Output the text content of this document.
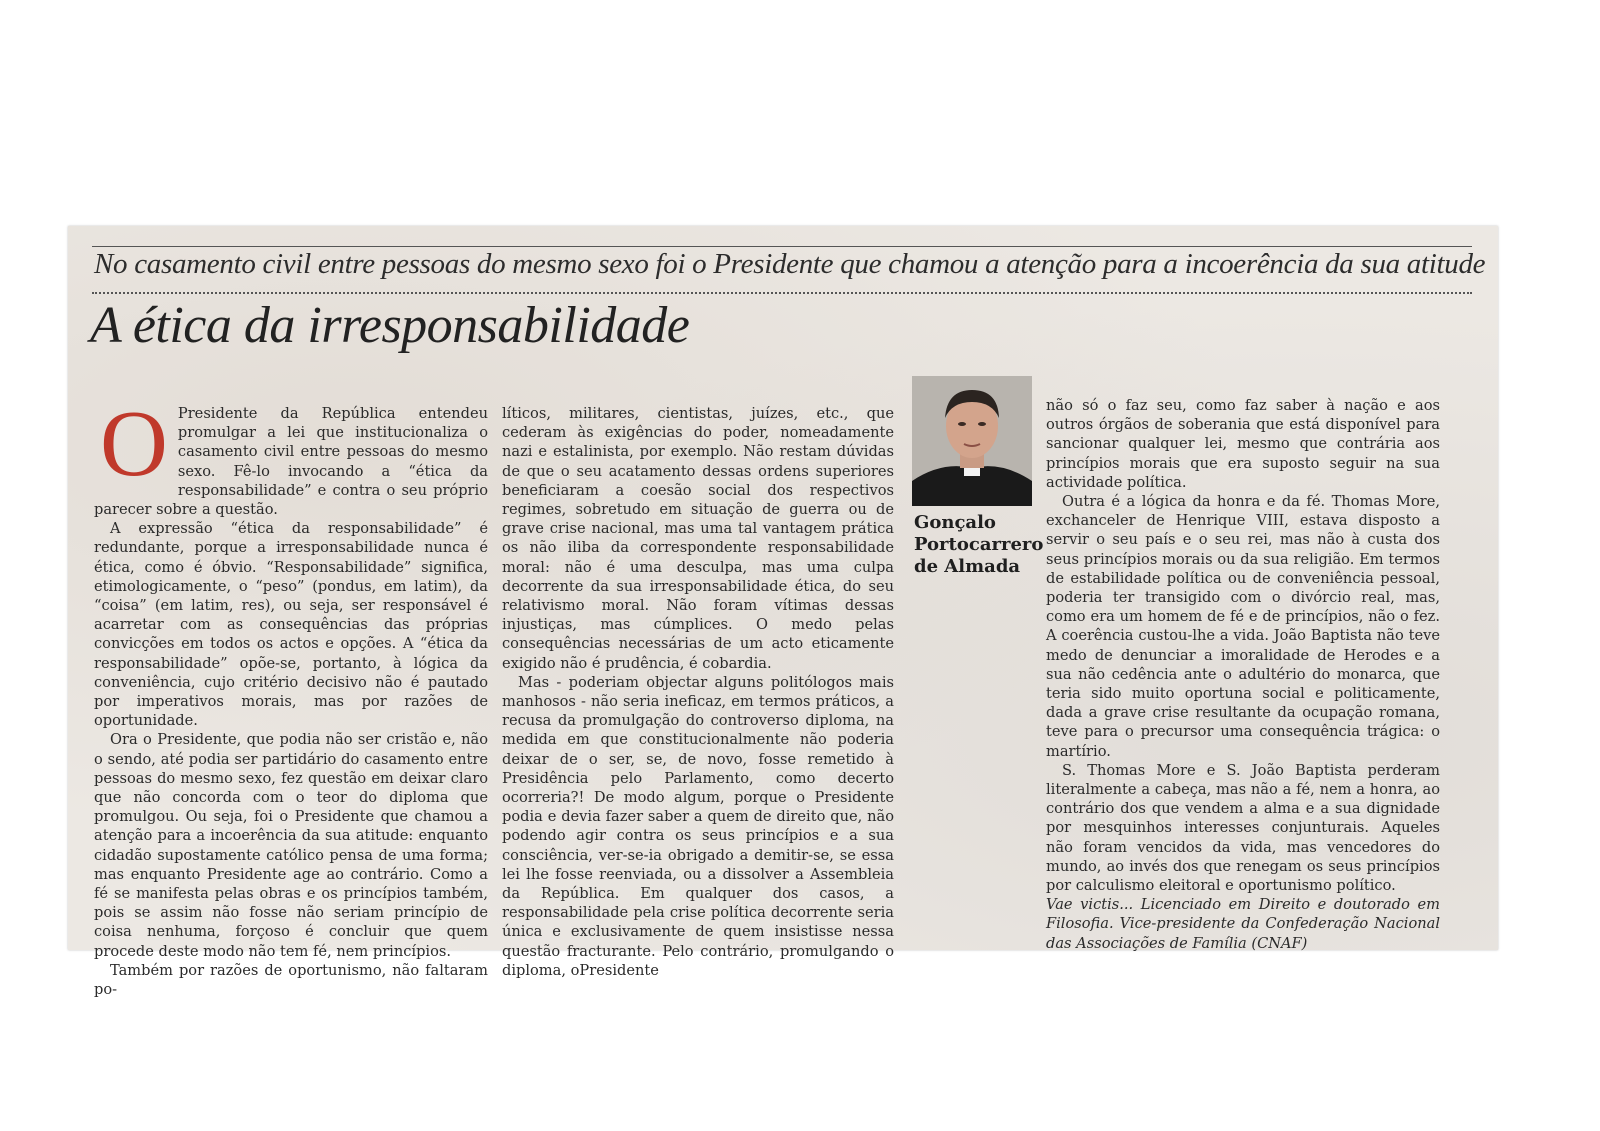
No casamento civil entre pessoas do mesmo sexo foi o Presidente que chamou a atenção para a incoerência da sua atitude
A ética da irresponsabilidade

O Presidente da República entendeu promulgar a lei que institucionaliza o casamento civil entre pessoas do mesmo sexo. Fê-lo invocando a “ética da responsabilidade” e contra o seu próprio parecer sobre a questão.

A expressão “ética da responsabilidade” é redundante, porque a irresponsabilidade nunca é ética, como é óbvio. “Responsabilidade” significa, etimologicamente, o “peso” (pondus, em latim), da “coisa” (em latim, res), ou seja, ser responsável é acarretar com as consequências das próprias convicções em todos os actos e opções. A “ética da responsabilidade” opõe-se, portanto, à lógica da conveniência, cujo critério decisivo não é pautado por imperativos morais, mas por razões de oportunidade.

Ora o Presidente, que podia não ser cristão e, não o sendo, até podia ser partidário do casamento entre pessoas do mesmo sexo, fez questão em deixar claro que não concorda com o teor do diploma que promulgou. Ou seja, foi o Presidente que chamou a atenção para a incoerência da sua atitude: enquanto cidadão supostamente católico pensa de uma forma; mas enquanto Presidente age ao contrário. Como a fé se manifesta pelas obras e os princípios também, pois se assim não fosse não seriam princípio de coisa nenhuma, forçoso é concluir que quem procede deste modo não tem fé, nem princípios.

Também por razões de oportunismo, não faltaram po-

líticos, militares, cientistas, juízes, etc., que cederam às exigências do poder, nomeadamente nazi e estalinista, por exemplo. Não restam dúvidas de que o seu acatamento dessas ordens superiores beneficiaram a coesão social dos respectivos regimes, sobretudo em situação de guerra ou de grave crise nacional, mas uma tal vantagem prática os não iliba da correspondente responsabilidade moral: não é uma desculpa, mas uma culpa decorrente da sua irresponsabilidade ética, do seu relativismo moral. Não foram vítimas dessas injustiças, mas cúmplices. O medo pelas consequências necessárias de um acto eticamente exigido não é prudência, é cobardia.

Mas - poderiam objectar alguns politólogos mais manhosos - não seria ineficaz, em termos práticos, a recusa da promulgação do controverso diploma, na medida em que constitucionalmente não poderia deixar de o ser, se, de novo, fosse remetido à Presidência pelo Parlamento, como decerto ocorreria?! De modo algum, porque o Presidente podia e devia fazer saber a quem de direito que, não podendo agir contra os seus princípios e a sua consciência, ver-se-ia obrigado a demitir-se, se essa lei lhe fosse reenviada, ou a dissolver a Assembleia da República. Em qualquer dos casos, a responsabilidade pela crise política decorrente seria única e exclusivamente de quem insistisse nessa questão fracturante. Pelo contrário, promulgando o diploma, oPresidente

Gonçalo
Portocarrero
de Almada

não só o faz seu, como faz saber à nação e aos outros órgãos de soberania que está disponível para sancionar qualquer lei, mesmo que contrária aos princípios morais que era suposto seguir na sua actividade política.

Outra é a lógica da honra e da fé. Thomas More, exchanceler de Henrique VIII, estava disposto a servir o seu país e o seu rei, mas não à custa dos seus princípios morais ou da sua religião. Em termos de estabilidade política ou de conveniência pessoal, poderia ter transigido com o divórcio real, mas, como era um homem de fé e de princípios, não o fez. A coerência custou-lhe a vida. João Baptista não teve medo de denunciar a imoralidade de Herodes e a sua não cedência ante o adultério do monarca, que teria sido muito oportuna social e politicamente, dada a grave crise resultante da ocupação romana, teve para o precursor uma consequência trágica: o martírio.

S. Thomas More e S. João Baptista perderam literalmente a cabeça, mas não a fé, nem a honra, ao contrário dos que vendem a alma e a sua dignidade por mesquinhos interesses conjunturais. Aqueles não foram vencidos da vida, mas vencedores do mundo, ao invés dos que renegam os seus princípios por calculismo eleitoral e oportunismo político.

Vae victis... Licenciado em Direito e doutorado em Filosofia. Vice-presidente da Confederação Nacional das Associações de Família (CNAF)
